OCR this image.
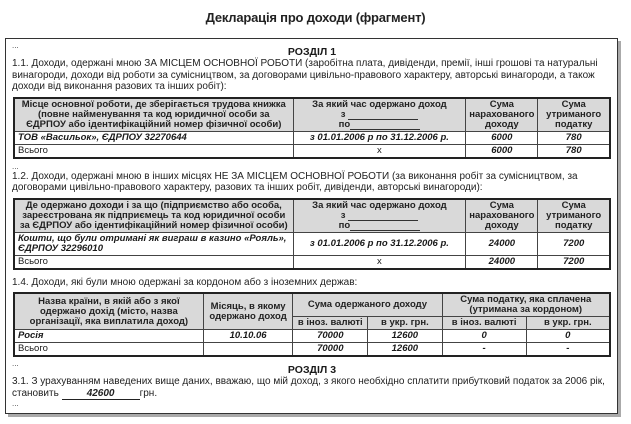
Декларація про доходи (фрагмент)
...
РОЗДІЛ 1

1.1. Доходи, одержані мною ЗА МІСЦЕМ ОСНОВНОЇ РОБОТИ (заробітна плата, дивіденди, премії, інші грошові та натуральні винагороди, доходи від роботи за сумісництвом, за договорами цивільно-правового характеру, авторські винагороди, а також доходи від виконання разових та інших робіт):

Місце основної роботи, де зберігається трудова книжка (повне найменування та код юридичної особи за ЄДРПОУ або ідентифікаційний номер фізичної особи)	За який час одержано доход
з
по	Сума нарахованого доходу	Сума утриманого податку
ТОВ «Васильок», ЄДРПОУ 32270644	з 01.01.2006 р по 31.12.2006 р.	6000	780
Всього	х	6000	780
...

1.2. Доходи, одержані мною в інших місцях НЕ ЗА МІСЦЕМ ОСНОВНОЇ РОБОТИ (за виконання робіт за сумісництвом, за договорами цивільно-правового характеру, разових та інших робіт, дивіденди, авторські винагороди):

Де одержано доходи і за що (підприємство або особа, зареєстрована як підприємець та код юридичної особи за ЄДРПОУ або ідентифікаційний номер фізичної особи)	За який час одержано доход
з
по	Сума нарахованого доходу	Сума утриманого податку
Кошти, що були отримані як виграш в казино «Рояль», ЄДРПОУ 32296010	з 01.01.2006 р по 31.12.2006 р.	24000	7200
Всього	х	24000	7200

1.4. Доходи, які були мною одержані за кордоном або з іноземних держав:

Назва країни, в якій або з якої одержано дохід (місто, назва організації, яка виплатила доход)	Місяць, в якому одержано доход	Сума одержаного доходу		Сума податку, яка сплачена (утримана за кордоном)	
		в іноз. валюті	в укр. грн.	в іноз. валюті	в укр. грн.
Росія	10.10.06	70000	12600	0	0
Всього		70000	12600	-	-
...
РОЗДІЛ 3

3.1. З урахуванням наведених вище даних, вважаю, що мій доход, з якого необхідно сплатити прибутковий податок за 2006 рік, становить	42600	грн.

...
